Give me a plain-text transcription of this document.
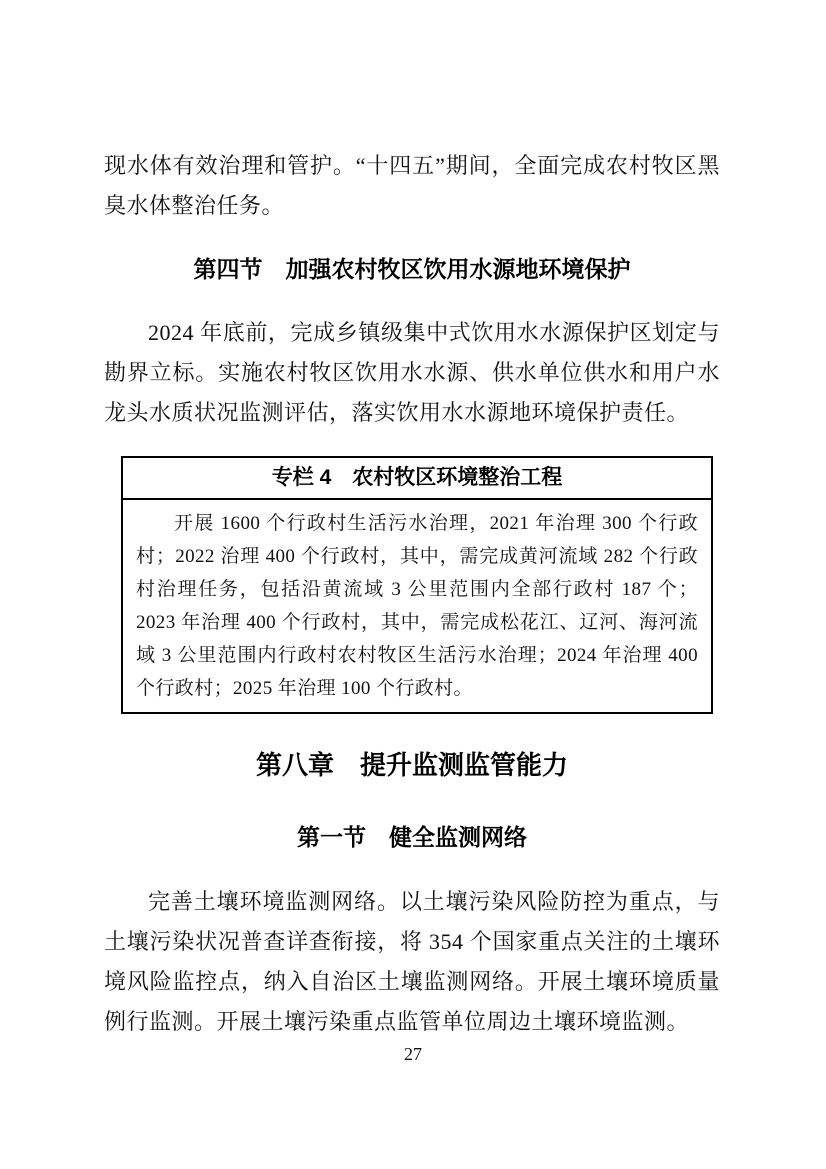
现水体有效治理和管护。“十四五”期间，全面完成农村牧区黑臭水体整治任务。

第四节　加强农村牧区饮用水源地环境保护

2024 年底前，完成乡镇级集中式饮用水水源保护区划定与勘界立标。实施农村牧区饮用水水源、供水单位供水和用户水龙头水质状况监测评估，落实饮用水水源地环境保护责任。

专栏 4　农村牧区环境整治工程
开展 1600 个行政村生活污水治理，2021 年治理 300 个行政村；2022 治理 400 个行政村，其中，需完成黄河流域 282 个行政村治理任务，包括沿黄流域 3 公里范围内全部行政村 187 个；2023 年治理 400 个行政村，其中，需完成松花江、辽河、海河流域 3 公里范围内行政村农村牧区生活污水治理；2024 年治理 400 个行政村；2025 年治理 100 个行政村。
第八章　提升监测监管能力
第一节　健全监测网络

完善土壤环境监测网络。以土壤污染风险防控为重点，与土壤污染状况普查详查衔接，将 354 个国家重点关注的土壤环境风险监控点，纳入自治区土壤监测网络。开展土壤环境质量例行监测。开展土壤污染重点监管单位周边土壤环境监测。

27
